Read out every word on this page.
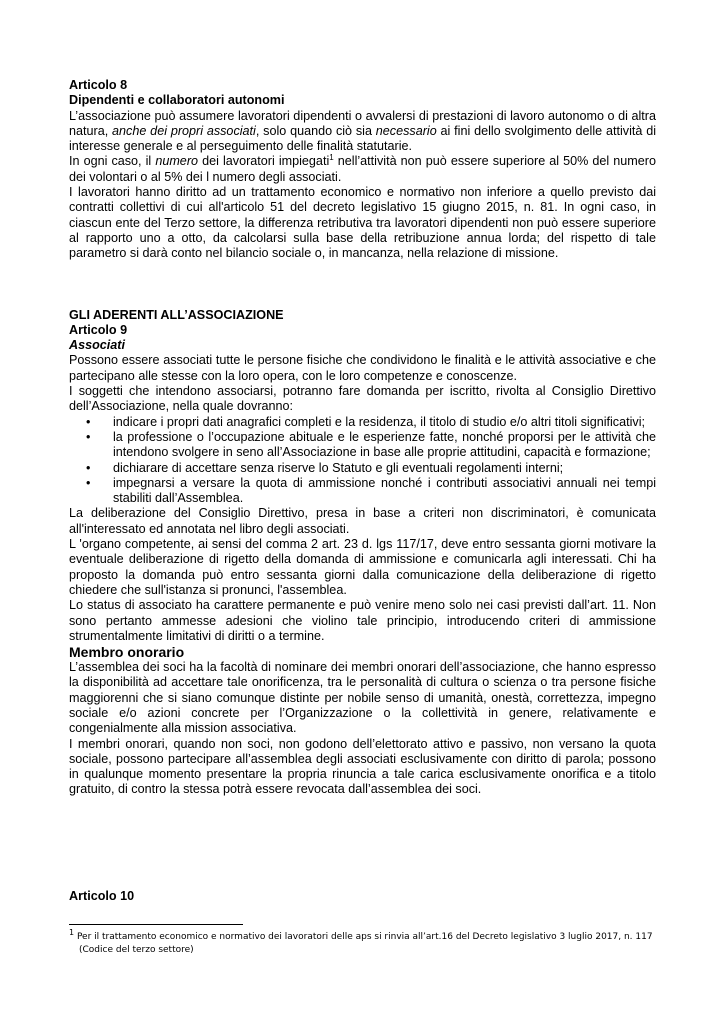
Articolo 8

Dipendenti e collaboratori autonomi

L’associazione può assumere lavoratori dipendenti o avvalersi di prestazioni di lavoro autonomo o di altra natura, anche dei propri associati, solo quando ciò sia necessario ai fini dello svolgimento delle attività di interesse generale e al perseguimento delle finalità statutarie.

In ogni caso, il numero dei lavoratori impiegati$^1$ nell’attività non può essere superiore al 50% del numero dei volontari o al 5% dei l numero degli associati.

I lavoratori hanno diritto ad un trattamento economico e normativo non inferiore a quello previsto dai contratti collettivi di cui all'articolo 51 del decreto legislativo 15 giugno 2015, n. 81. In ogni caso, in ciascun ente del Terzo settore, la differenza retributiva tra lavoratori dipendenti non può essere superiore al rapporto uno a otto, da calcolarsi sulla base della retribuzione annua lorda; del rispetto di tale parametro si darà conto nel bilancio sociale o, in mancanza, nella relazione di missione.

GLI ADERENTI ALL’ASSOCIAZIONE

Articolo 9

Associati

Possono essere associati tutte le persone fisiche che condividono le finalità e le attività associative e che partecipano alle stesse con la loro opera, con le loro competenze e conoscenze.

I soggetti che intendono associarsi, potranno fare domanda per iscritto, rivolta al Consiglio Direttivo dell’Associazione, nella quale dovranno:

• indicare i propri dati anagrafici completi e la residenza, il titolo di studio e/o altri titoli significativi;
• la professione o l’occupazione abituale e le esperienze fatte, nonché proporsi per le attività che intendono svolgere in seno all’Associazione in base alle proprie attitudini, capacità e formazione;
• dichiarare di accettare senza riserve lo Statuto e gli eventuali regolamenti interni;
• impegnarsi a versare la quota di ammissione nonché i contributi associativi annuali nei tempi stabiliti dall’Assemblea.

La deliberazione del Consiglio Direttivo, presa in base a criteri non discriminatori, è comunicata all'interessato ed annotata nel libro degli associati.

L 'organo competente, ai sensi del comma 2 art. 23 d. lgs 117/17, deve entro sessanta giorni motivare la eventuale deliberazione di rigetto della domanda di ammissione e comunicarla agli interessati. Chi ha proposto la domanda può entro sessanta giorni dalla comunicazione della deliberazione di rigetto chiedere che sull'istanza si pronunci, l'assemblea.

Lo status di associato ha carattere permanente e può venire meno solo nei casi previsti dall’art. 11. Non sono pertanto ammesse adesioni che violino tale principio, introducendo criteri di ammissione strumentalmente limitativi di diritti o a termine.

Membro onorario

L’assemblea dei soci ha la facoltà di nominare dei membri onorari dell’associazione, che hanno espresso la disponibilità ad accettare tale onorificenza, tra le personalità di cultura o scienza o tra persone fisiche maggiorenni che si siano comunque distinte per nobile senso di umanità, onestà, correttezza, impegno sociale e/o azioni concrete per l’Organizzazione o la collettività in genere, relativamente e congenialmente alla mission associativa.

I membri onorari, quando non soci, non godono dell’elettorato attivo e passivo, non versano la quota sociale, possono partecipare all’assemblea degli associati esclusivamente con diritto di parola; possono in qualunque momento presentare la propria rinuncia a tale carica esclusivamente onorifica e a titolo gratuito, di contro la stessa potrà essere revocata dall’assemblea dei soci.

Articolo 10
$^1$ Per il trattamento economico e normativo dei lavoratori delle aps si rinvia all’art.16 del Decreto legislativo 3 luglio 2017, n. 117 (Codice del terzo settore)
